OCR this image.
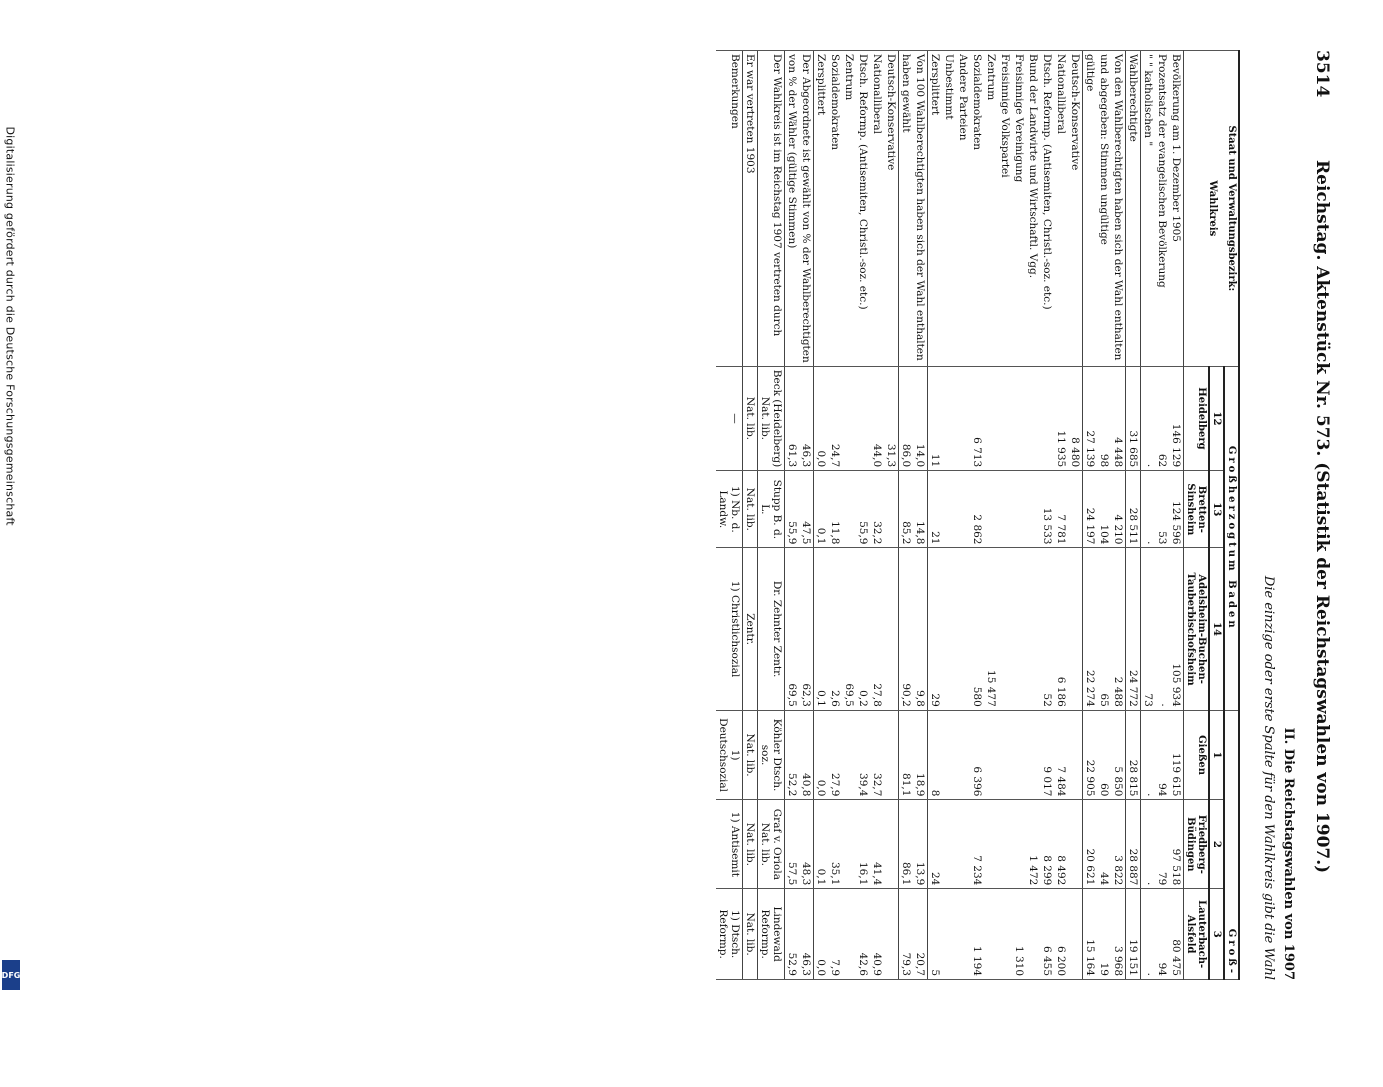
Digitalisierung gefördert durch die Deutsche Forschungsgemeinschaft
DFG
3514
Reichstag. Aktenstück Nr. 573. (Statistik der Reichstagswahlen von 1907.)
II. Die Reichstagswahlen von 1907
Die einzige oder erste Spalte für den Wahlkreis gibt die Wahl
Staat und Verwaltungsbezirk:
Wahlkreis	Großherzogtum Baden			Groß-		
	12	13	14	1	2	3
	Heidelberg	Bretten-Sinsheim	Adelsheim-Buchen-Tauberbischofsheim	Gießen	Friedberg-Büdingen	Lauterbach-Alsfeld
Bevölkerung am 1. Dezember 1905	146 129	124 596	105 934	119 615	97 518	80 475
Prozentsatz der evangelischen Bevölkerung	62	53	·	94	79	94
" " katholischen "	·	·	73	·	·	·
Wahlberechtigte	31 685	28 511	24 772	28 815	28 887	19 151
Von den Wahlberechtigten haben sich der Wahl enthalten	4 448	4 210	2 488	5 850	3 822	3 968
und abgegeben: Stimmen ungültige	98	104	65	60	44	19
gültige	27 139	24 197	22 274	22 905	20 621	15 164
Deutsch-Konservative	8 480					
Nationalliberal	11 935	7 781	6 186	7 484	8 492	6 200
Dtsch. Reformp. (Antisemiten, Christl.-soz. etc.)		13 533	52	9 017	8 299	6 455
Bund der Landwirte und Wirtschaftl. Vgg.					1 472	
Freisinnige Vereinigung						1 310
Freisinnige Volkspartei						
Zentrum			15 477			
Sozialdemokraten	6 713	2 862	580	6 396	7 234	1 194
Andere Parteien						
Unbestimmt						
Zersplittert	11	21	29	8	24	5
Von 100 Wahlberechtigten haben sich der Wahl enthalten	14,0	14,8	9,8	18,9	13,9	20,7
haben gewählt	86,0	85,2	90,2	81,1	86,1	79,3
Deutsch-Konservative	31,3					
Nationalliberal	44,0	32,2	27,8	32,7	41,4	40,9
Dtsch. Reformp. (Antisemiten, Christl.-soz. etc.)		55,9	0,2	39,4	16,1	42,6
Zentrum			69,5			
Sozialdemokraten	24,7	11,8	2,6	27,9	35,1	7,9
Zersplittert	0,0	0,1	0,1	0,0	0,1	0,0
Der Abgeordnete ist gewählt von % der Wahlberechtigten	46,3	47,5	62,3	40,8	48,3	46,3
von % der Wähler (gültige Stimmen)	61,3	55,9	69,5	52,2	57,5	52,9
Der Wahlkreis ist im Reichstag 1907 vertreten durch	Beck (Heidelberg) Nat. lib.	Stupp B. d. L.	Dr. Zehnter Zentr.	Köhler Dtsch. soz.	Graf v. Oriola Nat. lib.	Lindewald Reformp.
Er war vertreten 1903	Nat. lib.	Nat. lib.	Zentr.	Nat. lib.	Nat. lib.	Nat. lib.
Bemerkungen	—	1) Nb. d. Landw.	1) Christlichsozial	1) Deutschsozial	1) Antisemit	1) Dtsch. Reformp.
